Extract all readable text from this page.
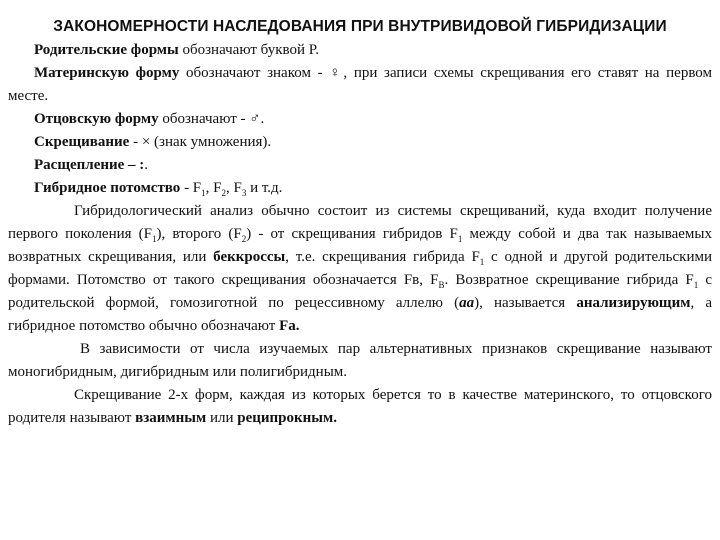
ЗАКОНОМЕРНОСТИ НАСЛЕДОВАНИЯ ПРИ ВНУТРИВИДОВОЙ ГИБРИДИЗАЦИИ

Родительские формы обозначают буквой Р.

Материнскую форму обозначают знаком - ♀, при записи схемы скрещивания его ставят на первом месте.

Отцовскую форму обозначают - ♂.

Скрещивание - × (знак умножения).

Расщепление – :.

Гибридное потомство - $F_1$, $F_2$, $F_3$ и т.д.

Гибридологический анализ обычно состоит из системы скрещиваний, куда входит получение первого поколения $(F_1)$, второго $(F_2)$ - от скрещивания гибридов $F_1$ между собой и два так называемых возвратных скрещивания, или беккроссы, т.е. скрещивания гибрида $F_1$ с одной и другой родительскими формами. Потомство от такого скрещивания обозначается Fв, $F_B$. Возвратное скрещивание гибрида $F_1$ с родительской формой, гомозиготной по рецессивному аллелю (аа), называется анализирующим, а гибридное потомство обычно обозначают Fa.

В зависимости от числа изучаемых пар альтернативных признаков скрещивание называют моногибридным, дигибридным или полигибридным.

Скрещивание 2-х форм, каждая из которых берется то в качестве материнского, то отцовского родителя называют взаимным или реципрокным.
